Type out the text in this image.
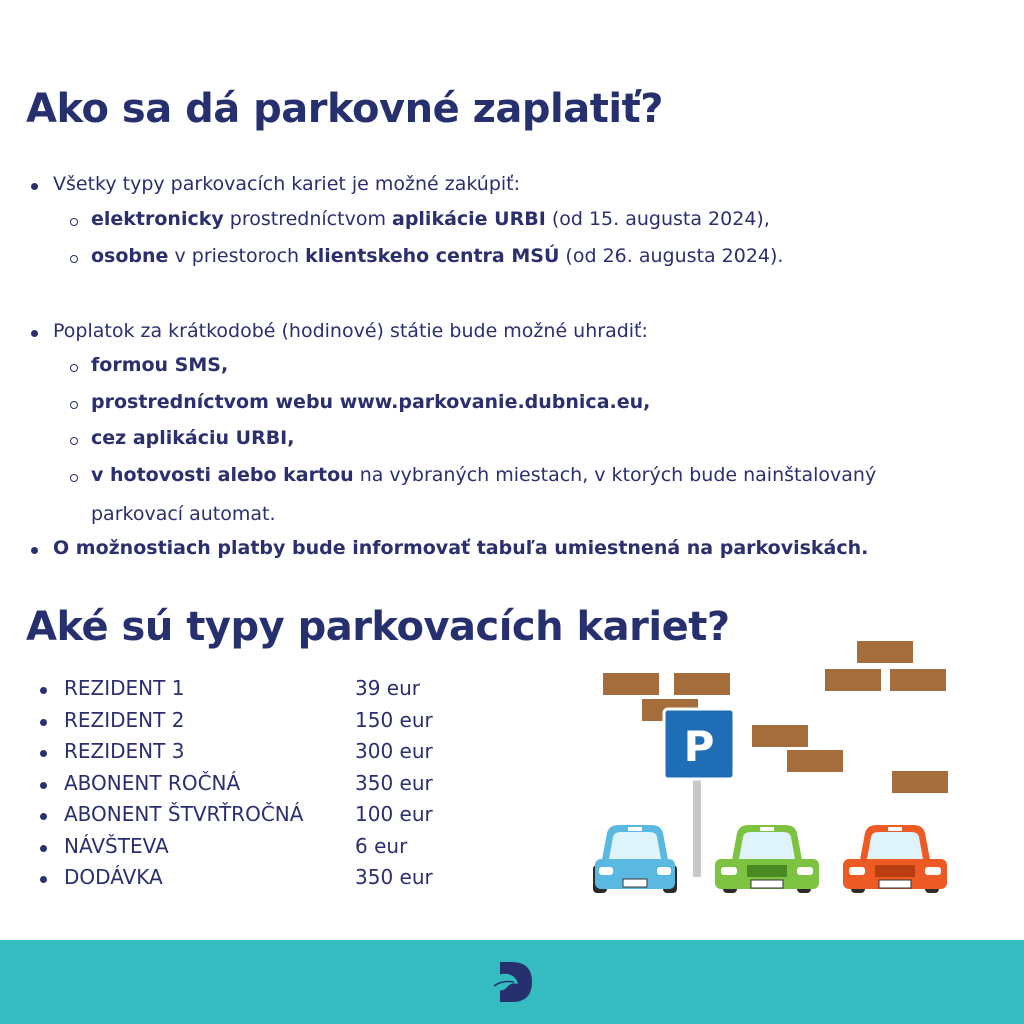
Ako sa dá parkovné zaplatiť?
Všetky typy parkovacích kariet je možné zakúpiť:
elektronicky prostredníctvom aplikácie URBI (od 15. augusta 2024),
osobne v priestoroch klientskeho centra MSÚ (od 26. augusta 2024).
Poplatok za krátkodobé (hodinové) státie bude možné uhradiť:
formou SMS,
prostredníctvom webu www.parkovanie.dubnica.eu,
cez aplikáciu URBI,
v hotovosti alebo kartou na vybraných miestach, v ktorých bude nainštalovaný
parkovací automat.
O možnostiach platby bude informovať tabuľa umiestnená na parkoviskách.
Aké sú typy parkovacích kariet?
REZIDENT 1	39 eur
REZIDENT 2	150 eur
REZIDENT 3	300 eur
ABONENT ROČNÁ	350 eur
ABONENT ŠTVRŤROČNÁ	100 eur
NÁVŠTEVA	6 eur
DODÁVKA	350 eur
P
